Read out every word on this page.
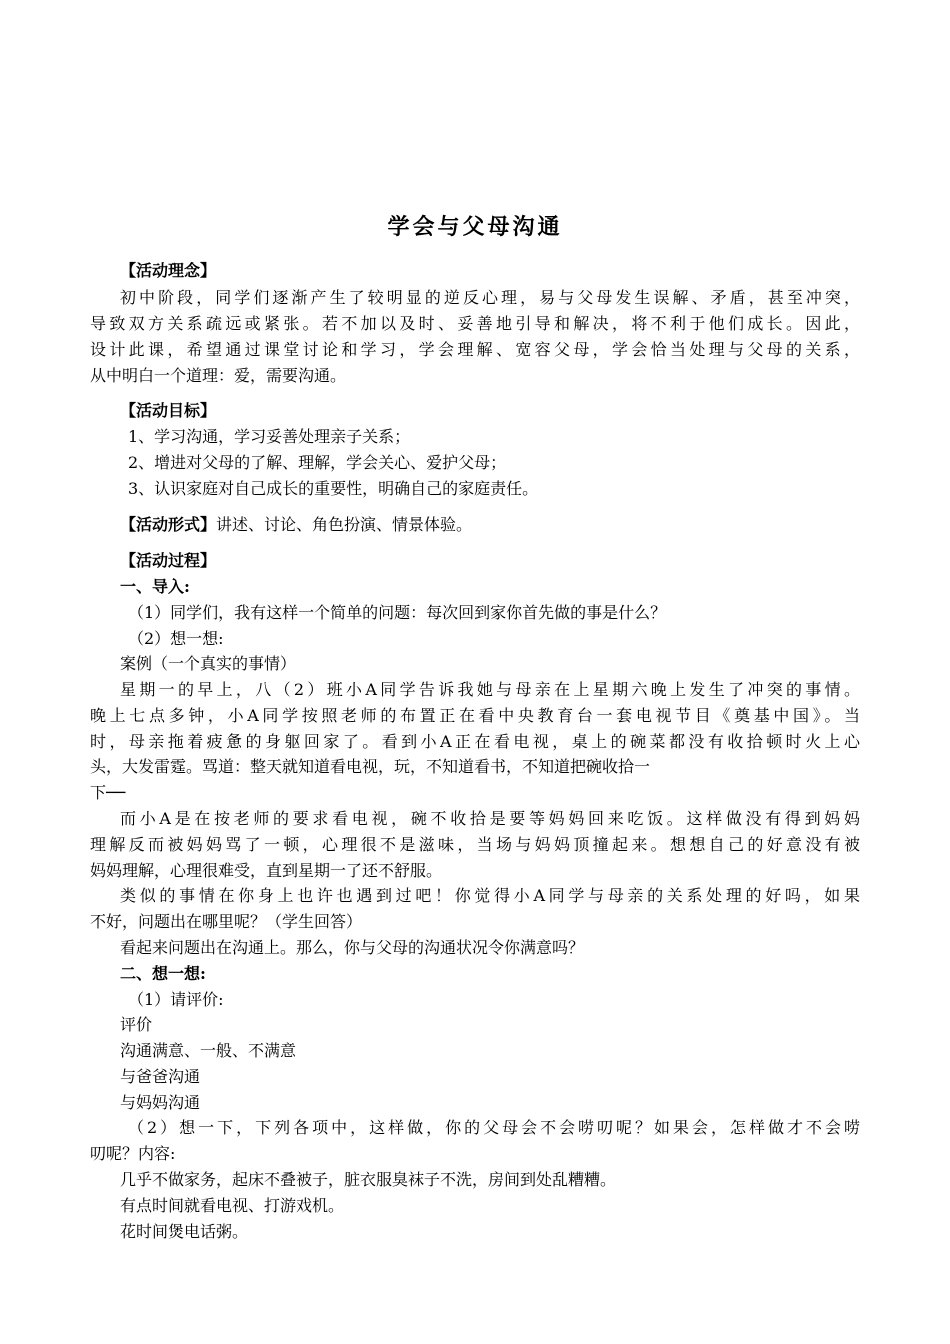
学会与父母沟通
【活动理念】
初中阶段，同学们逐渐产生了较明显的逆反心理，易与父母发生误解、矛盾，甚至冲突，
导致双方关系疏远或紧张。若不加以及时、妥善地引导和解决，将不利于他们成长。因此，
设计此课，希望通过课堂讨论和学习，学会理解、宽容父母，学会恰当处理与父母的关系，
从中明白一个道理：爱，需要沟通。
【活动目标】
1、学习沟通，学习妥善处理亲子关系；
2、增进对父母的了解、理解，学会关心、爱护父母；
3、认识家庭对自己成长的重要性，明确自己的家庭责任。
【活动形式】讲述、讨论、角色扮演、情景体验。
【活动过程】
一、导入:
（1）同学们，我有这样一个简单的问题：每次回到家你首先做的事是什么？
（2）想一想:
案例（一个真实的事情）
星期一的早上，八（2）班小A同学告诉我她与母亲在上星期六晚上发生了冲突的事情。
晚上七点多钟，小A同学按照老师的布置正在看中央教育台一套电视节目《奠基中国》。当
时，母亲拖着疲惫的身躯回家了。看到小A正在看电视，桌上的碗菜都没有收拾顿时火上心
头，大发雷霆。骂道：整天就知道看电视，玩，不知道看书，不知道把碗收拾一
下──
而小A是在按老师的要求看电视，碗不收拾是要等妈妈回来吃饭。这样做没有得到妈妈
理解反而被妈妈骂了一顿，心理很不是滋味，当场与妈妈顶撞起来。想想自己的好意没有被
妈妈理解，心理很难受，直到星期一了还不舒服。
类似的事情在你身上也许也遇到过吧！你觉得小A同学与母亲的关系处理的好吗，如果
不好，问题出在哪里呢？（学生回答）
看起来问题出在沟通上。那么，你与父母的沟通状况令你满意吗？
二、想一想:
（1）请评价:
评价
沟通满意、一般、不满意
与爸爸沟通
与妈妈沟通
（2）想一下，下列各项中，这样做，你的父母会不会唠叨呢？如果会，怎样做才不会唠
叨呢？内容:
几乎不做家务，起床不叠被子，脏衣服臭袜子不洗，房间到处乱糟糟。
有点时间就看电视、打游戏机。
花时间煲电话粥。
